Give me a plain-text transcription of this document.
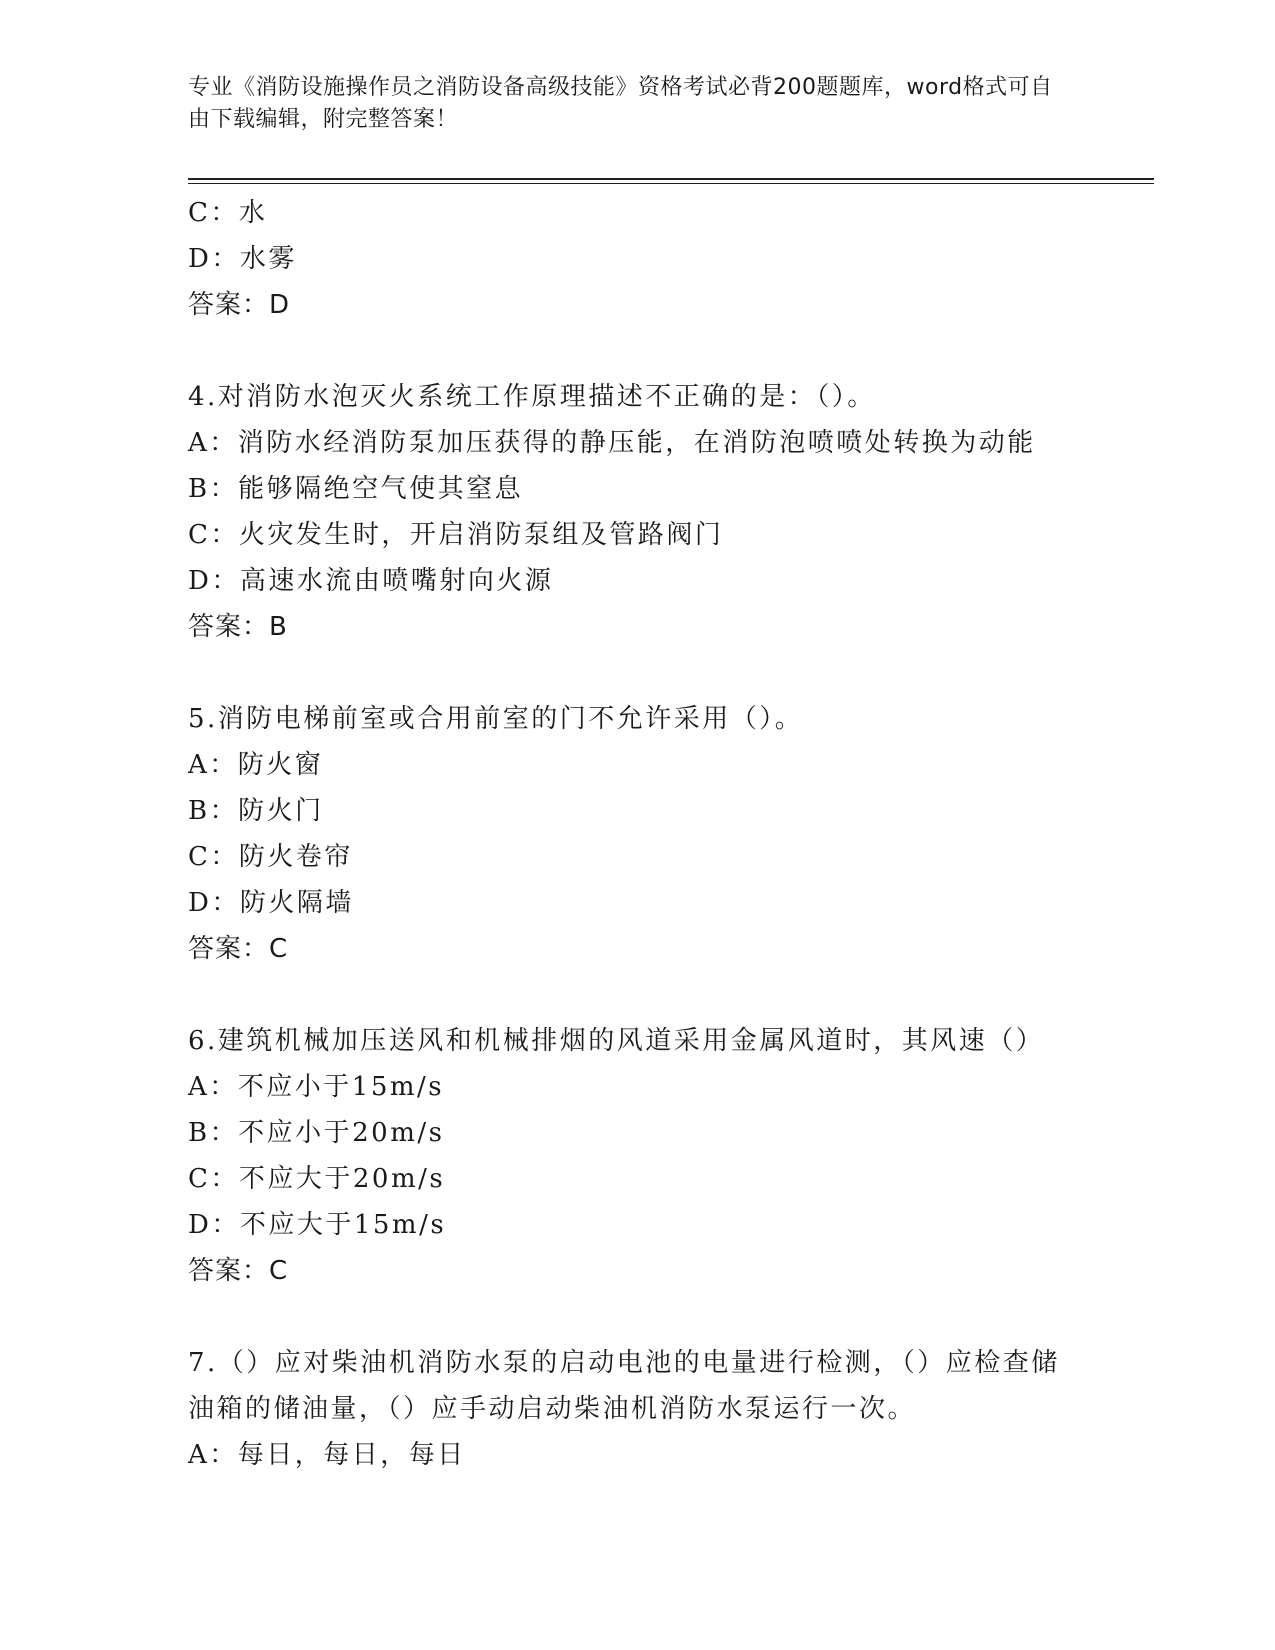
专业《消防设施操作员之消防设备高级技能》资格考试必背200题题库，word格式可自由下载编辑，附完整答案！
C：水
D：水雾
答案：D
4.对消防水泡灭火系统工作原理描述不正确的是：（）。
A：消防水经消防泵加压获得的静压能，在消防泡喷喷处转换为动能
B：能够隔绝空气使其窒息
C：火灾发生时，开启消防泵组及管路阀门
D：高速水流由喷嘴射向火源
答案：B
5.消防电梯前室或合用前室的门不允许采用（）。
A：防火窗
B：防火门
C：防火卷帘
D：防火隔墙
答案：C
6.建筑机械加压送风和机械排烟的风道采用金属风道时，其风速（）
A：不应小于15m/s
B：不应小于20m/s
C：不应大于20m/s
D：不应大于15m/s
答案：C
7.（）应对柴油机消防水泵的启动电池的电量进行检测，（）应检查储油箱的储油量，（）应手动启动柴油机消防水泵运行一次。
A：每日，每日，每日
